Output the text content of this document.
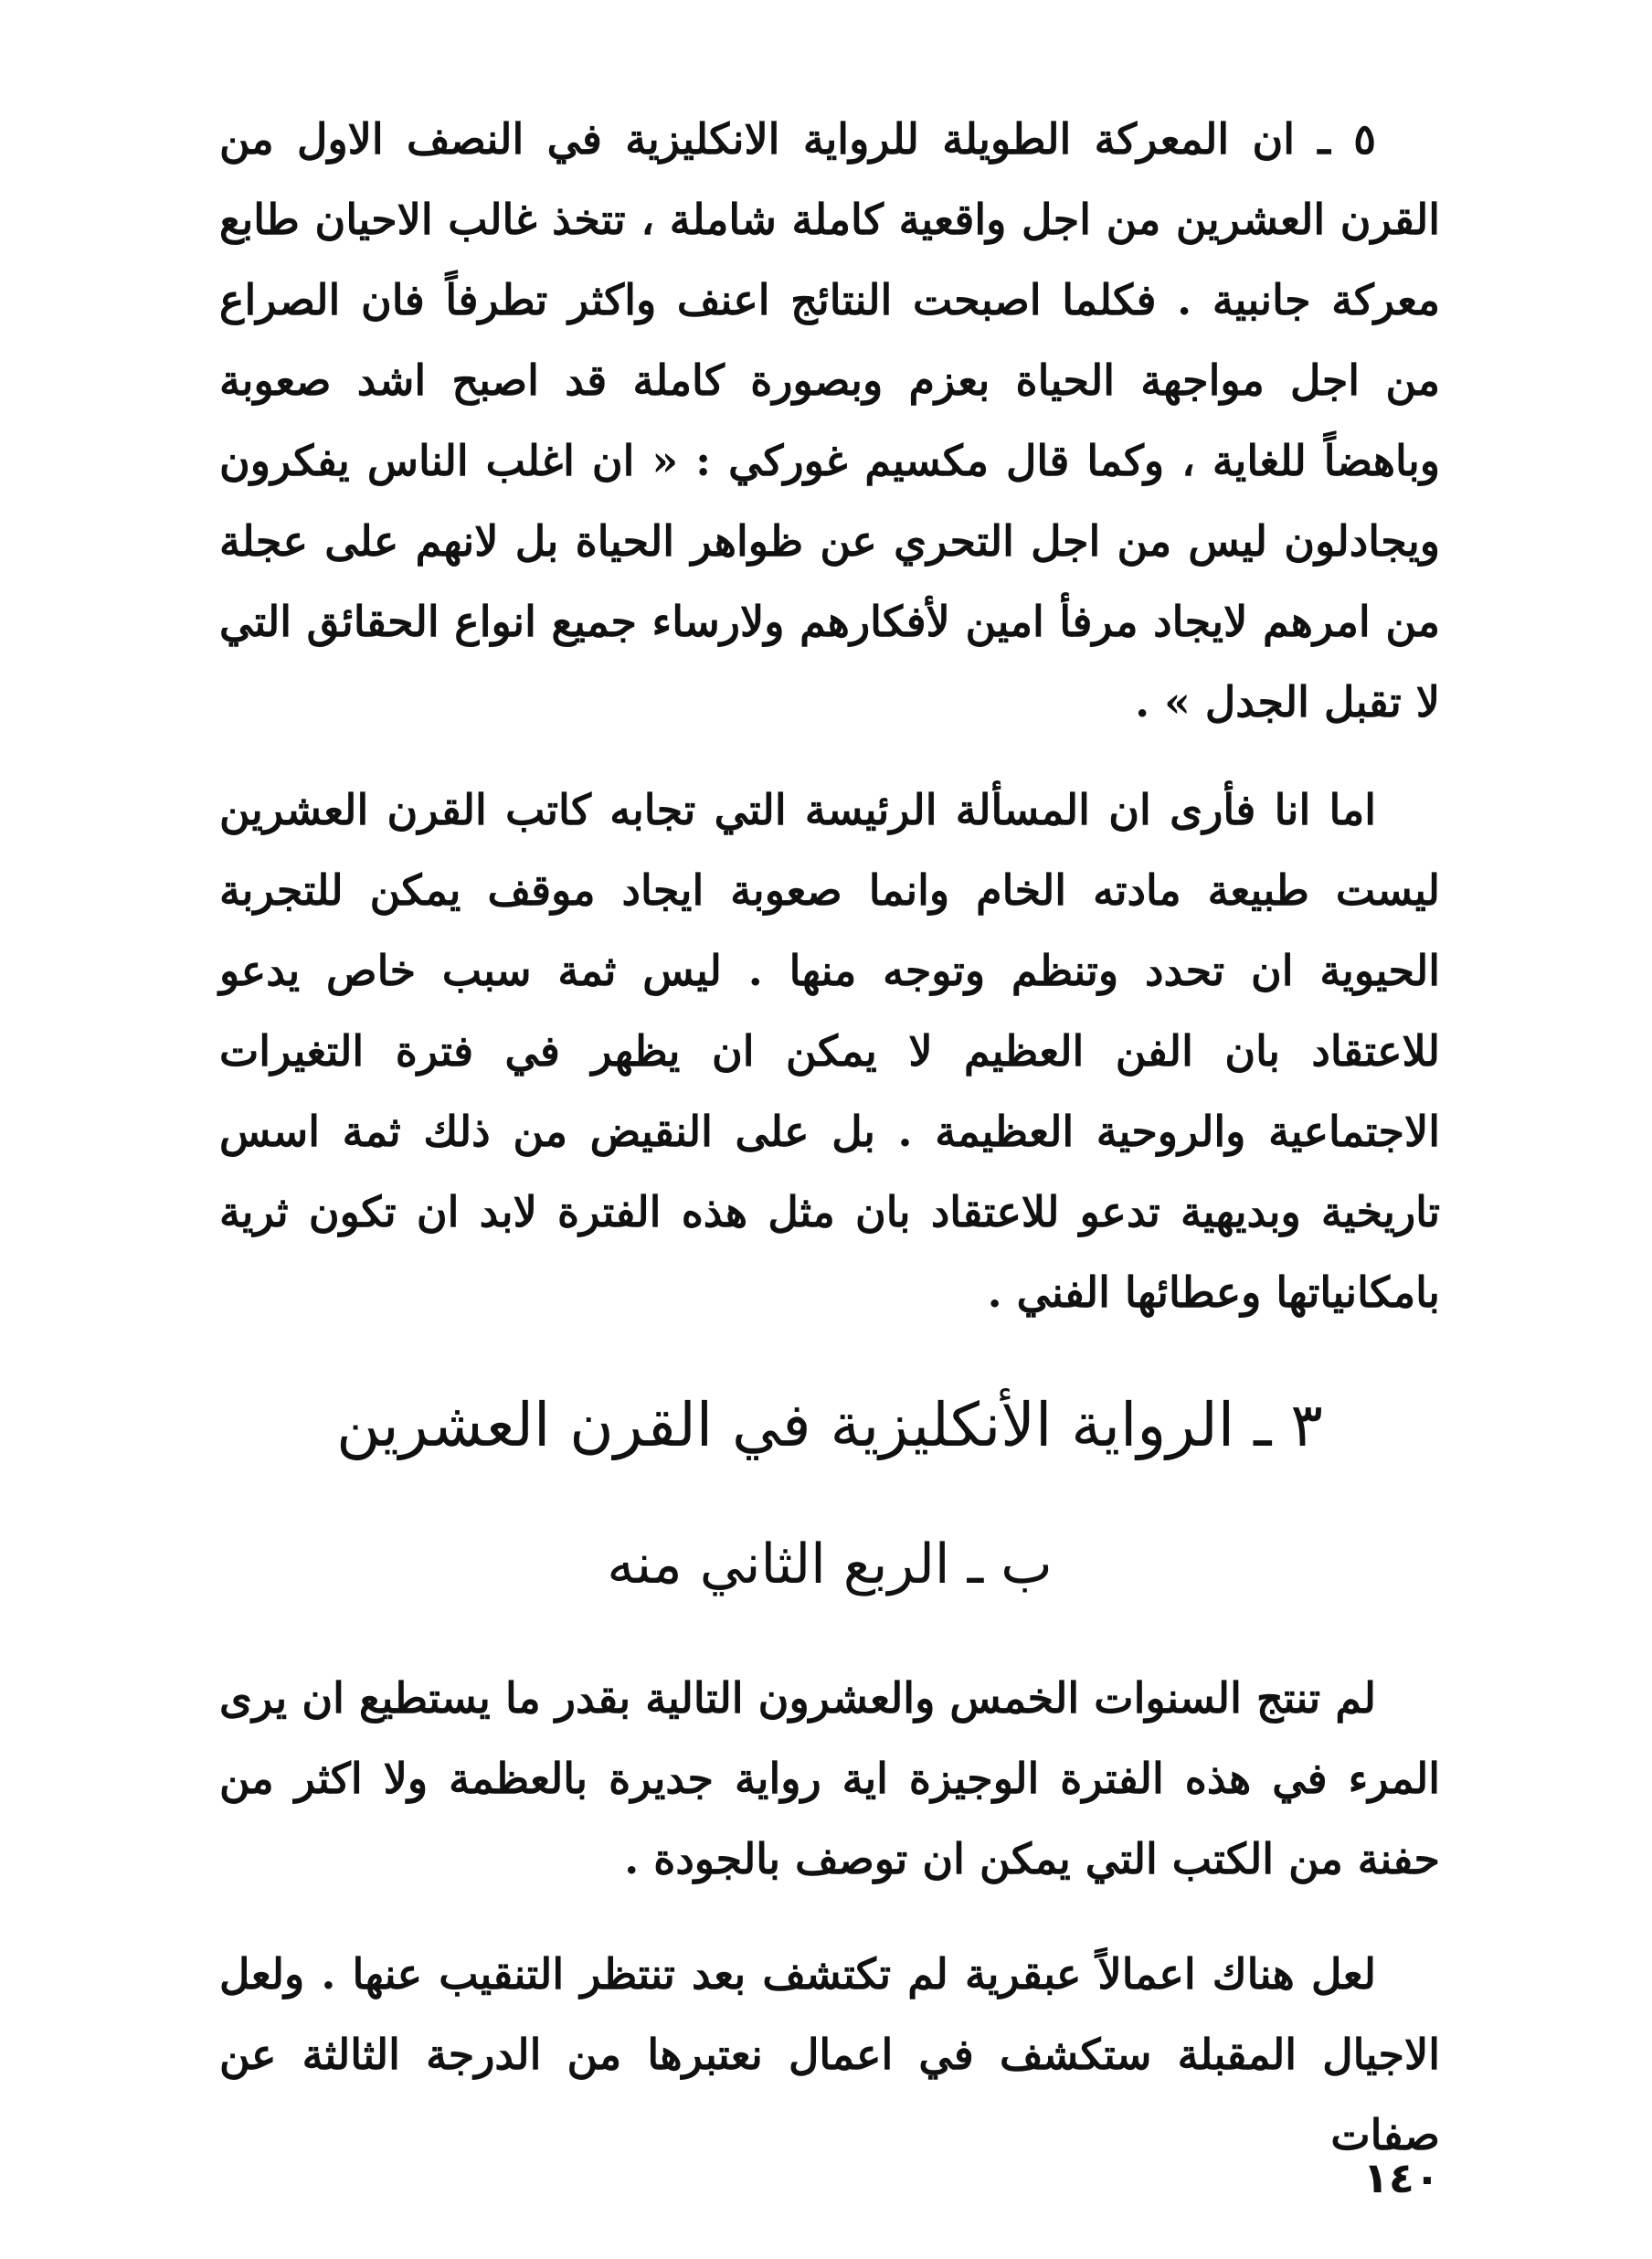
٥ ـ ان المعركة الطويلة للرواية الانكليزية في النصف الاول من القرن العشرين من اجل واقعية كاملة شاملة ، تتخذ غالب الاحيان طابع معركة جانبية . فكلما اصبحت النتائج اعنف واكثر تطرفاً فان الصراع من اجل مواجهة الحياة بعزم وبصورة كاملة قد اصبح اشد صعوبة وباهضاً للغاية ، وكما قال مكسيم غوركي : « ان اغلب الناس يفكرون ويجادلون ليس من اجل التحري عن ظواهر الحياة بل لانهم على عجلة من امرهم لايجاد مرفأ امين لأفكارهم ولارساء جميع انواع الحقائق التي لا تقبل الجدل » .

اما انا فأرى ان المسألة الرئيسة التي تجابه كاتب القرن العشرين ليست طبيعة مادته الخام وانما صعوبة ايجاد موقف يمكن للتجربة الحيوية ان تحدد وتنظم وتوجه منها . ليس ثمة سبب خاص يدعو للاعتقاد بان الفن العظيم لا يمكن ان يظهر في فترة التغيرات الاجتماعية والروحية العظيمة . بل على النقيض من ذلك ثمة اسس تاريخية وبديهية تدعو للاعتقاد بان مثل هذه الفترة لابد ان تكون ثرية بامكانياتها وعطائها الفني .

٣ ـ الرواية الأنكليزية في القرن العشرين
ب ـ الربع الثاني منه

لم تنتج السنوات الخمس والعشرون التالية بقدر ما يستطيع ان يرى المرء في هذه الفترة الوجيزة اية رواية جديرة بالعظمة ولا اكثر من حفنة من الكتب التي يمكن ان توصف بالجودة .

لعل هناك اعمالاً عبقرية لم تكتشف بعد تنتظر التنقيب عنها . ولعل الاجيال المقبلة ستكشف في اعمال نعتبرها من الدرجة الثالثة عن صفات

١٤٠
